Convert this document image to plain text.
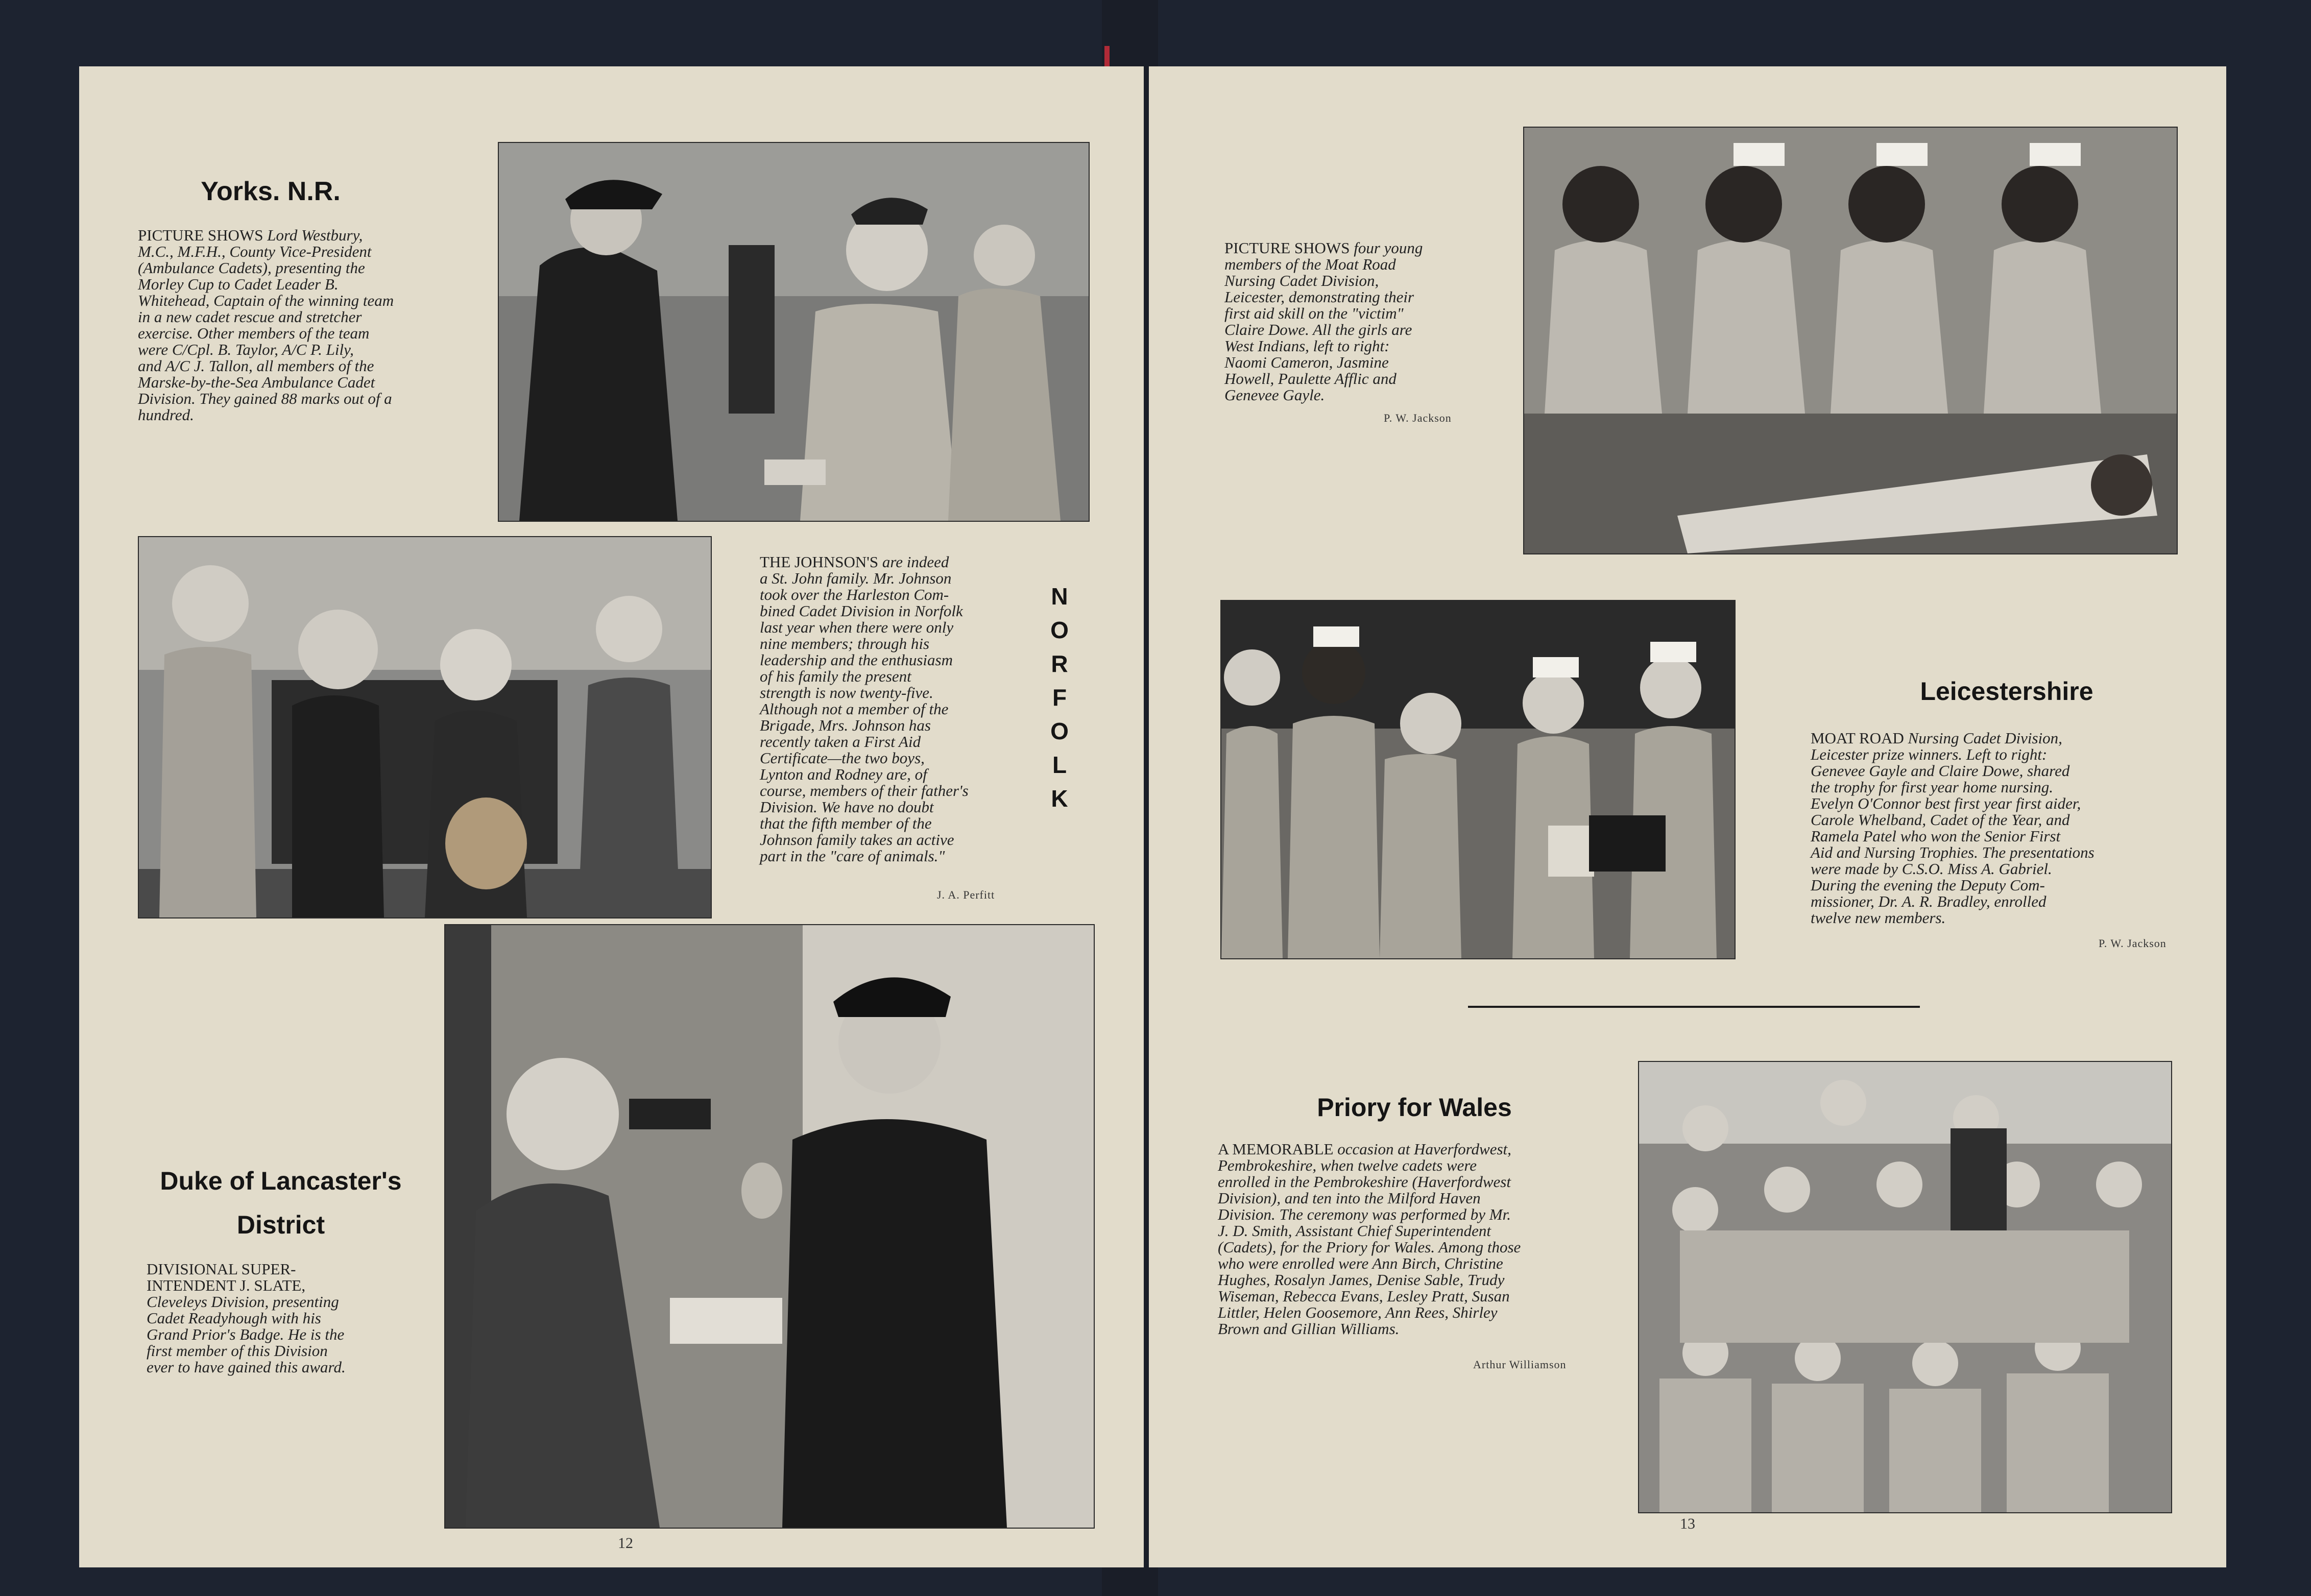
Yorks. N.R.

PICTURE SHOWS Lord Westbury,
M.C., M.F.H., County Vice-President
(Ambulance Cadets), presenting the
Morley Cup to Cadet Leader B.
Whitehead, Captain of the winning team
in a new cadet rescue and stretcher
exercise. Other members of the team
were C/Cpl. B. Taylor, A/C P. Lily,
and A/C J. Tallon, all members of the
Marske-by-the-Sea Ambulance Cadet
Division. They gained 88 marks out of a
hundred.

N
O
R
F
O
L
K

THE JOHNSON'S are indeed
a St. John family. Mr. Johnson
took over the Harleston Com-
bined Cadet Division in Norfolk
last year when there were only
nine members; through his
leadership and the enthusiasm
of his family the present
strength is now twenty-five.
Although not a member of the
Brigade, Mrs. Johnson has
recently taken a First Aid
Certificate—the two boys,
Lynton and Rodney are, of
course, members of their father's
Division. We have no doubt
that the fifth member of the
Johnson family takes an active
part in the "care of animals."

J. A. Perfitt
Duke of Lancaster's
District

DIVISIONAL SUPER-
INTENDENT J. SLATE,
Cleveleys Division, presenting
Cadet Readyhough with his
Grand Prior's Badge. He is the
first member of this Division
ever to have gained this award.

12

PICTURE SHOWS four young
members of the Moat Road
Nursing Cadet Division,
Leicester, demonstrating their
first aid skill on the "victim"
Claire Dowe. All the girls are
West Indians, left to right:
Naomi Cameron, Jasmine
Howell, Paulette Afflic and
Genevee Gayle.

P. W. Jackson
Leicestershire

MOAT ROAD Nursing Cadet Division,
Leicester prize winners. Left to right:
Genevee Gayle and Claire Dowe, shared
the trophy for first year home nursing.
Evelyn O'Connor best first year first aider,
Carole Whelband, Cadet of the Year, and
Ramela Patel who won the Senior First
Aid and Nursing Trophies. The presentations
were made by C.S.O. Miss A. Gabriel.
During the evening the Deputy Com-
missioner, Dr. A. R. Bradley, enrolled
twelve new members.

P. W. Jackson
Priory for Wales

A MEMORABLE occasion at Haverfordwest,
Pembrokeshire, when twelve cadets were
enrolled in the Pembrokeshire (Haverfordwest
Division), and ten into the Milford Haven
Division. The ceremony was performed by Mr.
J. D. Smith, Assistant Chief Superintendent
(Cadets), for the Priory for Wales. Among those
who were enrolled were Ann Birch, Christine
Hughes, Rosalyn James, Denise Sable, Trudy
Wiseman, Rebecca Evans, Lesley Pratt, Susan
Littler, Helen Goosemore, Ann Rees, Shirley
Brown and Gillian Williams.

Arthur Williamson
13
